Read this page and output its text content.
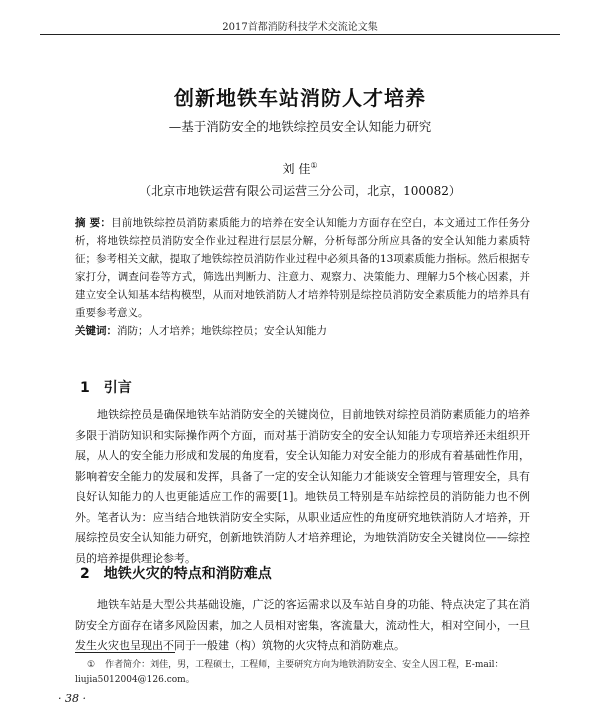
2017首都消防科技学术交流论文集
创新地铁车站消防人才培养
—基于消防安全的地铁综控员安全认知能力研究
刘 佳①
（北京市地铁运营有限公司运营三分公司，北京，100082）
摘 要：目前地铁综控员消防素质能力的培养在安全认知能力方面存在空白，本文通过工作任务分析，将地铁综控员消防安全作业过程进行层层分解，分析每部分所应具备的安全认知能力素质特征；参考相关文献，提取了地铁综控员消防作业过程中必须具备的13项素质能力指标。然后根据专家打分，调查问卷等方式，筛选出判断力、注意力、观察力、决策能力、理解力5个核心因素，并建立安全认知基本结构模型，从而对地铁消防人才培养特别是综控员消防安全素质能力的培养具有重要参考意义。
关键词：消防；人才培养；地铁综控员；安全认知能力
1 引言
地铁综控员是确保地铁车站消防安全的关键岗位，目前地铁对综控员消防素质能力的培养多限于消防知识和实际操作两个方面，而对基于消防安全的安全认知能力专项培养还未组织开展，从人的安全能力形成和发展的角度看，安全认知能力对安全能力的形成有着基础性作用，影响着安全能力的发展和发挥，具备了一定的安全认知能力才能谈安全管理与管理安全，具有良好认知能力的人也更能适应工作的需要[1]。地铁员工特别是车站综控员的消防能力也不例外。笔者认为：应当结合地铁消防安全实际，从职业适应性的角度研究地铁消防人才培养，开展综控员安全认知能力研究，创新地铁消防人才培养理论，为地铁消防安全关键岗位——综控员的培养提供理论参考。
2 地铁火灾的特点和消防难点
地铁车站是大型公共基础设施，广泛的客运需求以及车站自身的功能、特点决定了其在消防安全方面存在诸多风险因素，加之人员相对密集，客流量大，流动性大，相对空间小，一旦发生火灾也呈现出不同于一般建（构）筑物的火灾特点和消防难点。
① 作者简介：刘佳，男，工程硕士，工程师，主要研究方向为地铁消防安全、安全人因工程，E-mail：liujia5012004@126.com。
· 38 ·
